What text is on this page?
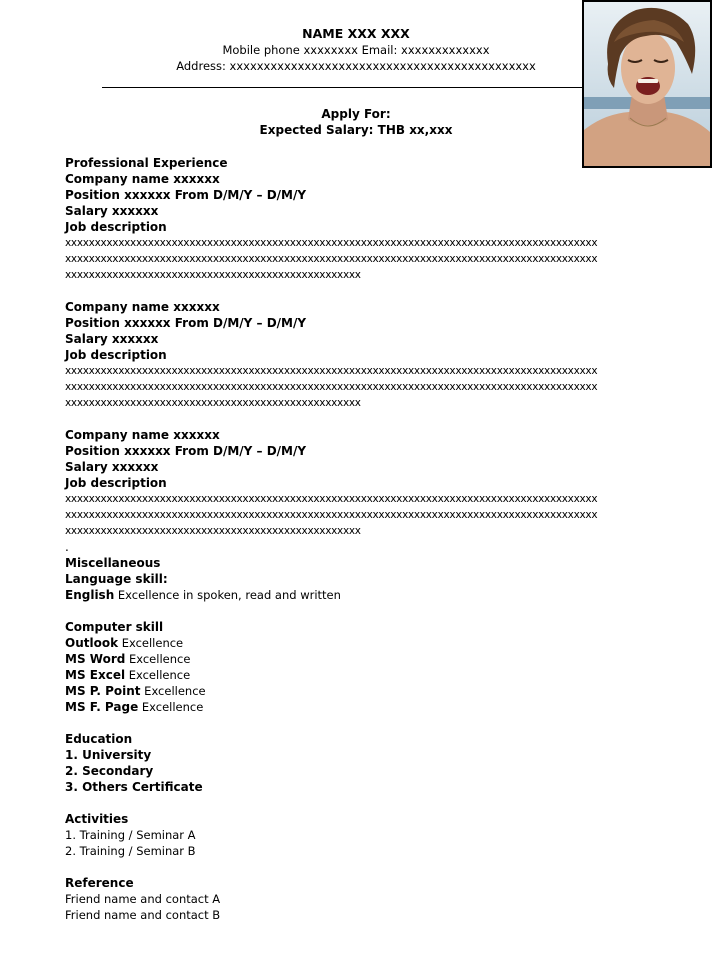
NAME XXX XXX
Mobile phone xxxxxxxx Email: xxxxxxxxxxxxx
Address: xxxxxxxxxxxxxxxxxxxxxxxxxxxxxxxxxxxxxxxxxxxxx
Apply For:
Expected Salary: THB xx,xxx
Professional Experience
Company name xxxxxx
Position xxxxxx From D/M/Y – D/M/Y
Salary xxxxxx
Job description
xxxxxxxxxxxxxxxxxxxxxxxxxxxxxxxxxxxxxxxxxxxxxxxxxxxxxxxxxxxxxxxxxxxxxxxxxxxxxxxxxxxxxxxxxx
xxxxxxxxxxxxxxxxxxxxxxxxxxxxxxxxxxxxxxxxxxxxxxxxxxxxxxxxxxxxxxxxxxxxxxxxxxxxxxxxxxxxxxxxxx
xxxxxxxxxxxxxxxxxxxxxxxxxxxxxxxxxxxxxxxxxxxxxxxxxx
Company name xxxxxx
Position xxxxxx From D/M/Y – D/M/Y
Salary xxxxxx
Job description
xxxxxxxxxxxxxxxxxxxxxxxxxxxxxxxxxxxxxxxxxxxxxxxxxxxxxxxxxxxxxxxxxxxxxxxxxxxxxxxxxxxxxxxxxx
xxxxxxxxxxxxxxxxxxxxxxxxxxxxxxxxxxxxxxxxxxxxxxxxxxxxxxxxxxxxxxxxxxxxxxxxxxxxxxxxxxxxxxxxxx
xxxxxxxxxxxxxxxxxxxxxxxxxxxxxxxxxxxxxxxxxxxxxxxxxx
Company name xxxxxx
Position xxxxxx From D/M/Y – D/M/Y
Salary xxxxxx
Job description
xxxxxxxxxxxxxxxxxxxxxxxxxxxxxxxxxxxxxxxxxxxxxxxxxxxxxxxxxxxxxxxxxxxxxxxxxxxxxxxxxxxxxxxxxx
xxxxxxxxxxxxxxxxxxxxxxxxxxxxxxxxxxxxxxxxxxxxxxxxxxxxxxxxxxxxxxxxxxxxxxxxxxxxxxxxxxxxxxxxxx
xxxxxxxxxxxxxxxxxxxxxxxxxxxxxxxxxxxxxxxxxxxxxxxxxx
.
Miscellaneous
Language skill:
English Excellence in spoken, read and written
Computer skill
Outlook Excellence
MS Word Excellence
MS Excel Excellence
MS P. Point Excellence
MS F. Page Excellence
Education
1. University
2. Secondary
3. Others Certificate
Activities
1. Training / Seminar A
2. Training / Seminar B
Reference
Friend name and contact A
Friend name and contact B
